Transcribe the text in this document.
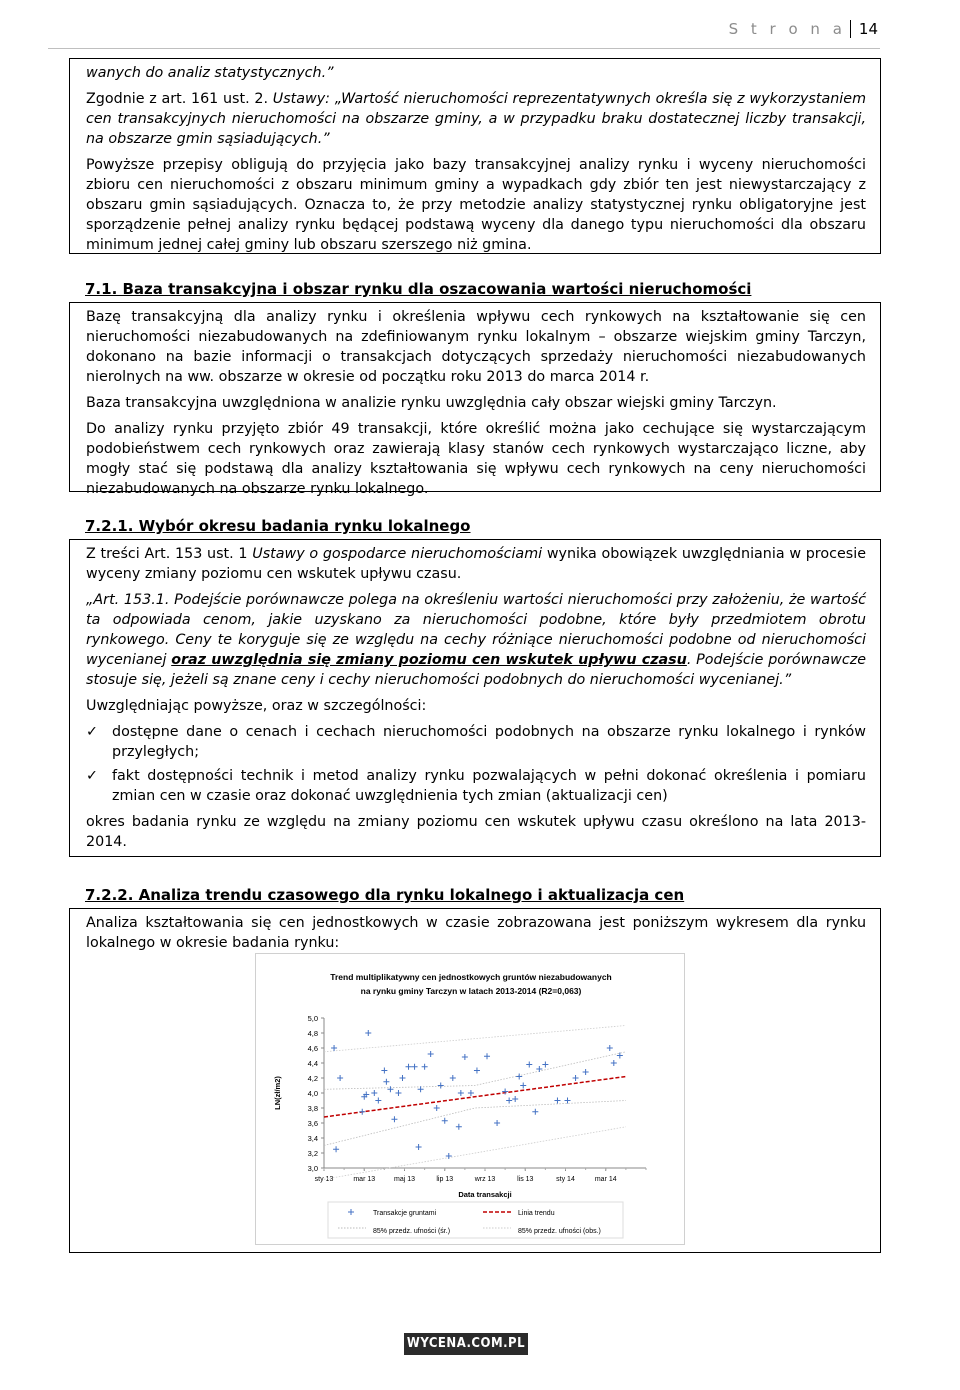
S t r o n a 14

wanych do analiz statystycznych.”

Zgodnie z art. 161 ust. 2. Ustawy: „Wartość nieruchomości reprezentatywnych określa się z wykorzystaniem cen transakcyjnych nieruchomości na obszarze gminy, a w przypadku braku dostatecznej liczby transakcji, na obszarze gmin sąsiadujących.”

Powyższe przepisy obligują do przyjęcia jako bazy transakcyjnej analizy rynku i wyceny nieruchomości zbioru cen nieruchomości z obszaru minimum gminy a wypadkach gdy zbiór ten jest niewystarczający z obszaru gmin sąsiadujących. Oznacza to, że przy metodzie analizy statystycznej rynku obligatoryjne jest sporządzenie pełnej analizy rynku będącej podstawą wyceny dla danego typu nieruchomości dla obszaru minimum jednej całej gminy lub obszaru szerszego niż gmina.

7.1. Baza transakcyjna i obszar rynku dla oszacowania wartości nieruchomości

Bazę transakcyjną dla analizy rynku i określenia wpływu cech rynkowych na kształtowanie się cen nieruchomości niezabudowanych na zdefiniowanym rynku lokalnym – obszarze wiejskim gminy Tarczyn, dokonano na bazie informacji o transakcjach dotyczących sprzedaży nieruchomości niezabudowanych nierolnych na ww. obszarze w okresie od początku roku 2013 do marca 2014 r.

Baza transakcyjna uwzględniona w analizie rynku uwzględnia cały obszar wiejski gminy Tarczyn.

Do analizy rynku przyjęto zbiór 49 transakcji, które określić można jako cechujące się wystarczającym podobieństwem cech rynkowych oraz zawierają klasy stanów cech rynkowych wystarczająco liczne, aby mogły stać się podstawą dla analizy kształtowania się wpływu cech rynkowych na ceny nieruchomości niezabudowanych na obszarze rynku lokalnego.

7.2.1. Wybór okresu badania rynku lokalnego

Z treści Art. 153 ust. 1 Ustawy o gospodarce nieruchomościami wynika obowiązek uwzględniania w procesie wyceny zmiany poziomu cen wskutek upływu czasu.

„Art. 153.1. Podejście porównawcze polega na określeniu wartości nieruchomości przy założeniu, że wartość ta odpowiada cenom, jakie uzyskano za nieruchomości podobne, które były przedmiotem obrotu rynkowego. Ceny te koryguje się ze względu na cechy różniące nieruchomości podobne od nieruchomości wycenianej oraz uwzględnia się zmiany poziomu cen wskutek upływu czasu. Podejście porównawcze stosuje się, jeżeli są znane ceny i cechy nieruchomości podobnych do nieruchomości wycenianej.”

Uwzględniając powyższe, oraz w szczególności:

✓ dostępne dane o cenach i cechach nieruchomości podobnych na obszarze rynku lokalnego i rynków przyległych;
✓ fakt dostępności technik i metod analizy rynku pozwalających w pełni dokonać określenia i pomiaru zmian cen w czasie oraz dokonać uwzględnienia tych zmian (aktualizacji cen)

okres badania rynku ze względu na zmiany poziomu cen wskutek upływu czasu określono na lata 2013-2014.

7.2.2. Analiza trendu czasowego dla rynku lokalnego i aktualizacja cen

Analiza kształtowania się cen jednostkowych w czasie zobrazowana jest poniższym wykresem dla rynku lokalnego w okresie badania rynku:

Trend multiplikatywny cen jednostkowych gruntów niezabudowanych
na rynku gminy Tarczyn w latach 2013-2014 (R2=0,063)
5,0
4,8
4,6
4,4
4,2
4,0
3,8
3,6
3,4
3,2
3,0
sty 13	mar 13	maj 13	lip 13	wrz 13	lis 13	sty 14	mar 14
Data transakcji
LN(zł/m2)
Transakcje gruntami	Linia trendu
85% przedz. ufności (śr.)	85% przedz. ufności (obs.)
WYCENA.COM.PL
